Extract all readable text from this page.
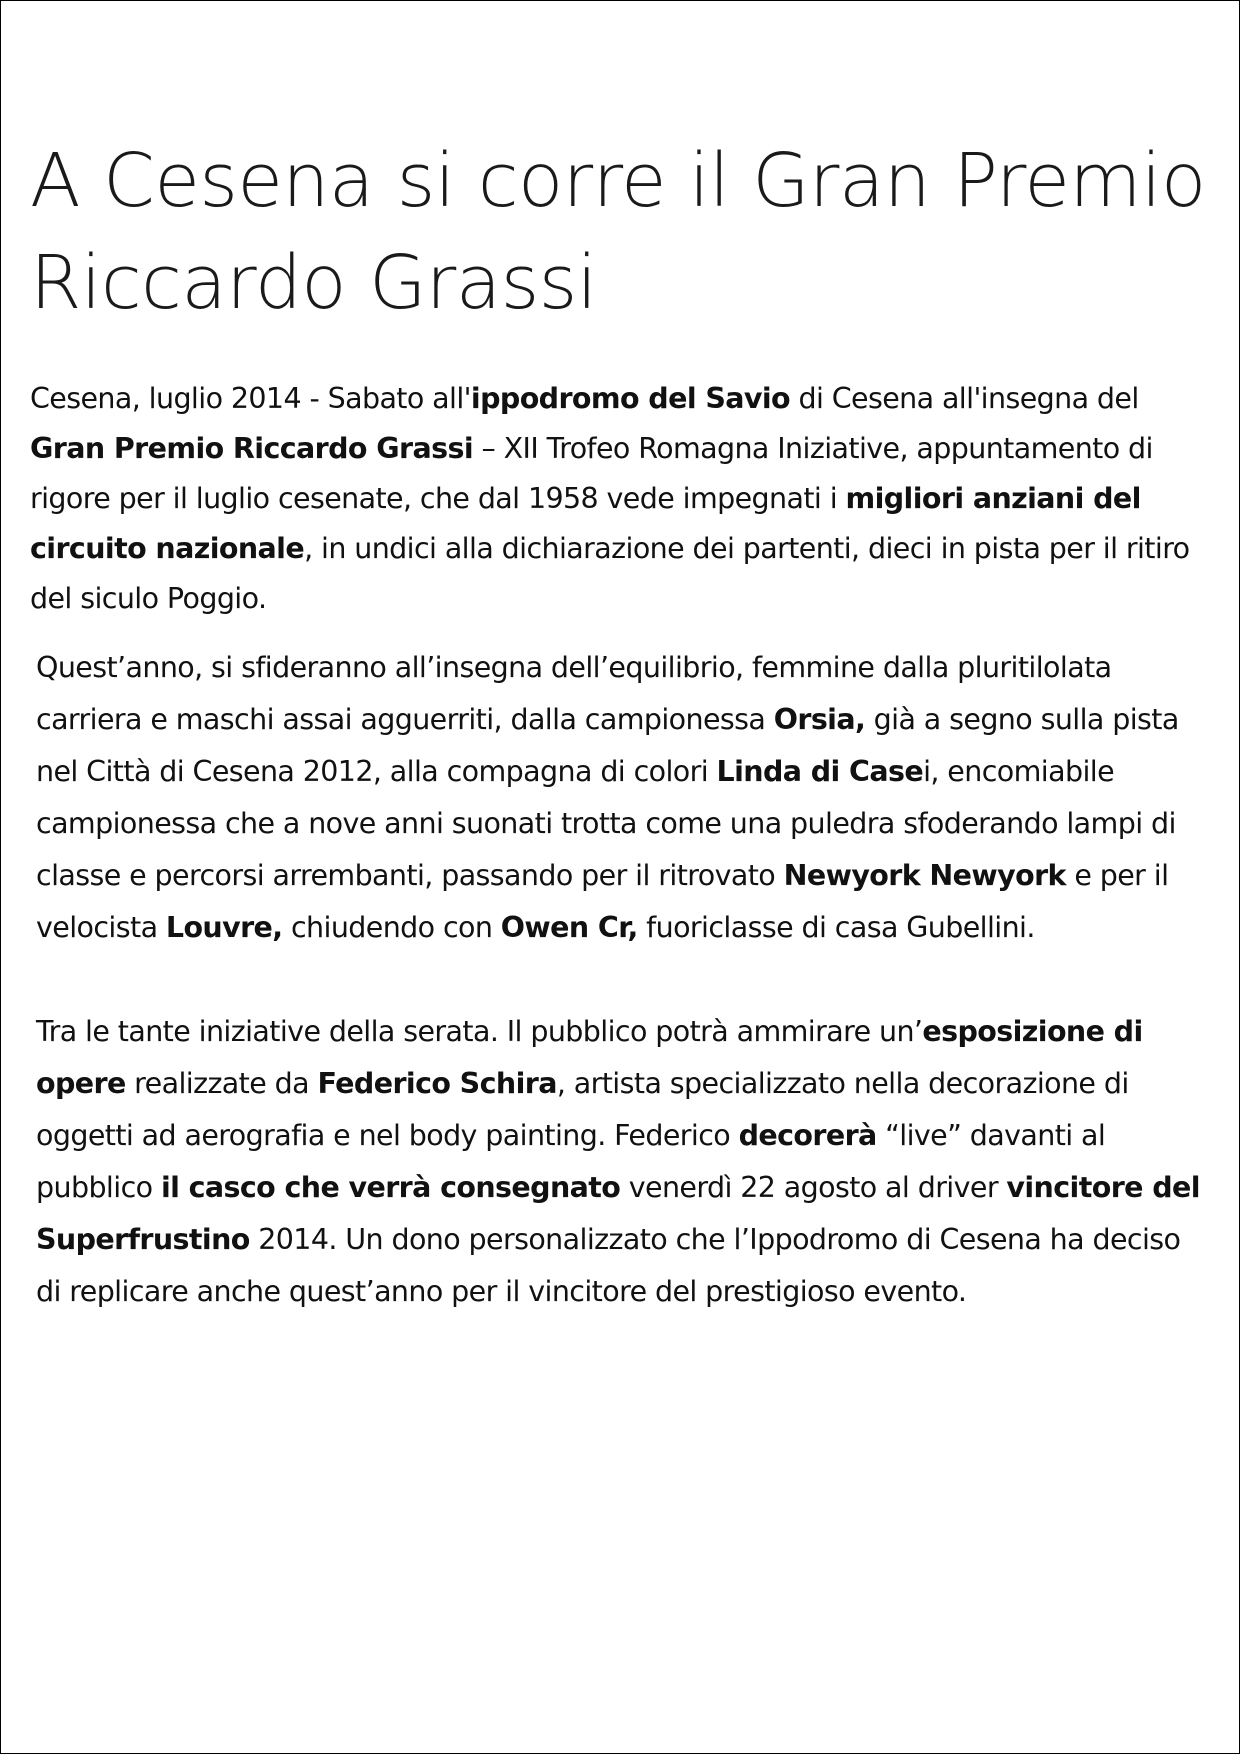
A Cesena si corre il Gran Premio Riccardo Grassi

Cesena, luglio 2014 - Sabato all'ippodromo del Savio di Cesena all'insegna del Gran Premio Riccardo Grassi – XII Trofeo Romagna Iniziative, appuntamento di rigore per il luglio cesenate, che dal 1958 vede impegnati i migliori anziani del circuito nazionale, in undici alla dichiarazione dei partenti, dieci in pista per il ritiro del siculo Poggio.

Quest’anno, si sfideranno all’insegna dell’equilibrio, femmine dalla pluritilolata carriera e maschi assai agguerriti, dalla campionessa Orsia, già a segno sulla pista nel Città di Cesena 2012, alla compagna di colori Linda di Casei, encomiabile campionessa che a nove anni suonati trotta come una puledra sfoderando lampi di classe e percorsi arrembanti, passando per il ritrovato Newyork Newyork e per il velocista Louvre, chiudendo con Owen Cr, fuoriclasse di casa Gubellini.

Tra le tante iniziative della serata. Il pubblico potrà ammirare un’esposizione di opere realizzate da Federico Schira, artista specializzato nella decorazione di oggetti ad aerografia e nel body painting. Federico decorerà “live” davanti al pubblico il casco che verrà consegnato venerdì 22 agosto al driver vincitore del Superfrustino 2014. Un dono personalizzato che l’Ippodromo di Cesena ha deciso di replicare anche quest’anno per il vincitore del prestigioso evento.
